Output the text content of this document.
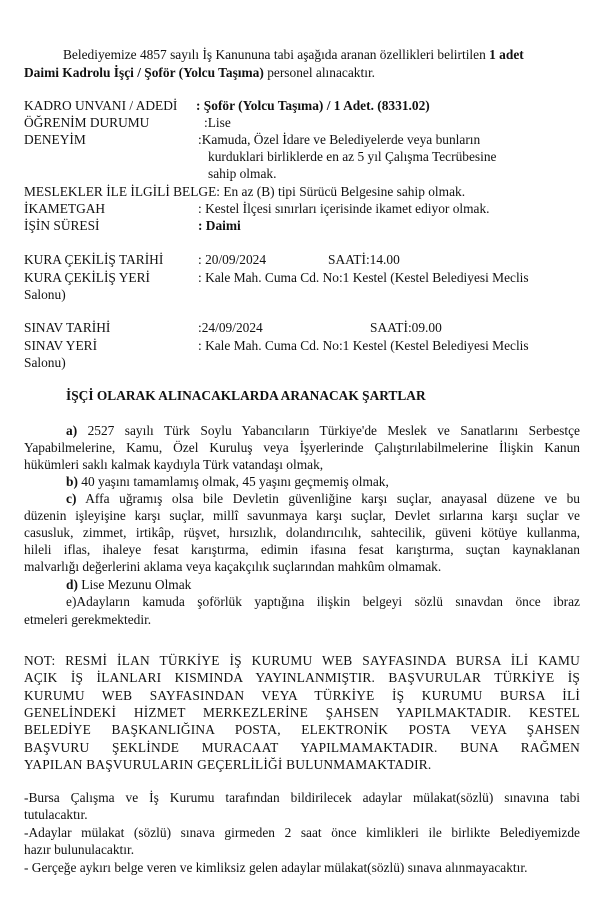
Belediyemize 4857 sayılı İş Kanununa tabi aşağıda aranan özellikleri belirtilen 1 adet
Daimi Kadrolu İşçi / Şoför (Yolcu Taşıma) personel alınacaktır.
KADRO UNVANI / ADEDİ : Şoför (Yolcu Taşıma) / 1 Adet. (8331.02)
ÖĞRENİM DURUMU	:Lise
DENEYİM	:Kamuda, Özel İdare ve Belediyelerde veya bunların
kurduklari birliklerde en az 5 yıl Çalışma Tecrübesine
sahip olmak.
MESLEKLER İLE İLGİLİ BELGE: En az (B) tipi Sürücü Belgesine sahip olmak.
İKAMETGAH	: Kestel İlçesi sınırları içerisinde ikamet ediyor olmak.
İŞİN SÜRESİ	: Daimi
KURA ÇEKİLİŞ TARİHİ	: 20/09/2024	SAATİ:14.00
KURA ÇEKİLİŞ YERİ	: Kale Mah. Cuma Cd. No:1 Kestel (Kestel Belediyesi Meclis
Salonu)
SINAV TARİHİ	:24/09/2024	SAATİ:09.00
SINAV YERİ	: Kale Mah. Cuma Cd. No:1 Kestel (Kestel Belediyesi Meclis
Salonu)
İŞÇİ OLARAK ALINACAKLARDA ARANACAK ŞARTLAR
a) 2527 sayılı Türk Soylu Yabancıların Türkiye'de Meslek ve Sanatlarını Serbestçe
Yapabilmelerine, Kamu, Özel Kuruluş veya İşyerlerinde Çalıştırılabilmelerine İlişkin Kanun
hükümleri saklı kalmak kaydıyla Türk vatandaşı olmak,
b) 40 yaşını tamamlamış olmak, 45 yaşını geçmemiş olmak,
c) Affa uğramış olsa bile Devletin güvenliğine karşı suçlar, anayasal düzene ve bu
düzenin işleyişine karşı suçlar, millî savunmaya karşı suçlar, Devlet sırlarına karşı suçlar ve
casusluk, zimmet, irtikâp, rüşvet, hırsızlık, dolandırıcılık, sahtecilik, güveni kötüye kullanma,
hileli iflas, ihaleye fesat karıştırma, edimin ifasına fesat karıştırma, suçtan kaynaklanan
malvarlığı değerlerini aklama veya kaçakçılık suçlarından mahkûm olmamak.
d) Lise Mezunu Olmak
e)Adayların kamuda şoförlük yaptığına ilişkin belgeyi sözlü sınavdan önce ibraz
etmeleri gerekmektedir.
NOT: RESMİ İLAN TÜRKİYE İŞ KURUMU WEB SAYFASINDA BURSA İLİ KAMU
AÇIK İŞ İLANLARI KISMINDA YAYINLANMIŞTIR. BAŞVURULAR TÜRKİYE İŞ
KURUMU WEB SAYFASINDAN VEYA TÜRKİYE İŞ KURUMU BURSA İLİ
GENELİNDEKİ HİZMET MERKEZLERİNE ŞAHSEN YAPILMAKTADIR. KESTEL
BELEDİYE BAŞKANLIĞINA POSTA, ELEKTRONİK POSTA VEYA ŞAHSEN
BAŞVURU ŞEKLİNDE MURACAAT YAPILMAMAKTADIR. BUNA RAĞMEN
YAPILAN BAŞVURULARIN GEÇERLİLİĞİ BULUNMAMAKTADIR.
-Bursa Çalışma ve İş Kurumu tarafından bildirilecek adaylar mülakat(sözlü) sınavına tabi
tutulacaktır.
-Adaylar mülakat (sözlü) sınava girmeden 2 saat önce kimlikleri ile birlikte Belediyemizde
hazır bulunulacaktır.
- Gerçeğe aykırı belge veren ve kimliksiz gelen adaylar mülakat(sözlü) sınava alınmayacaktır.
